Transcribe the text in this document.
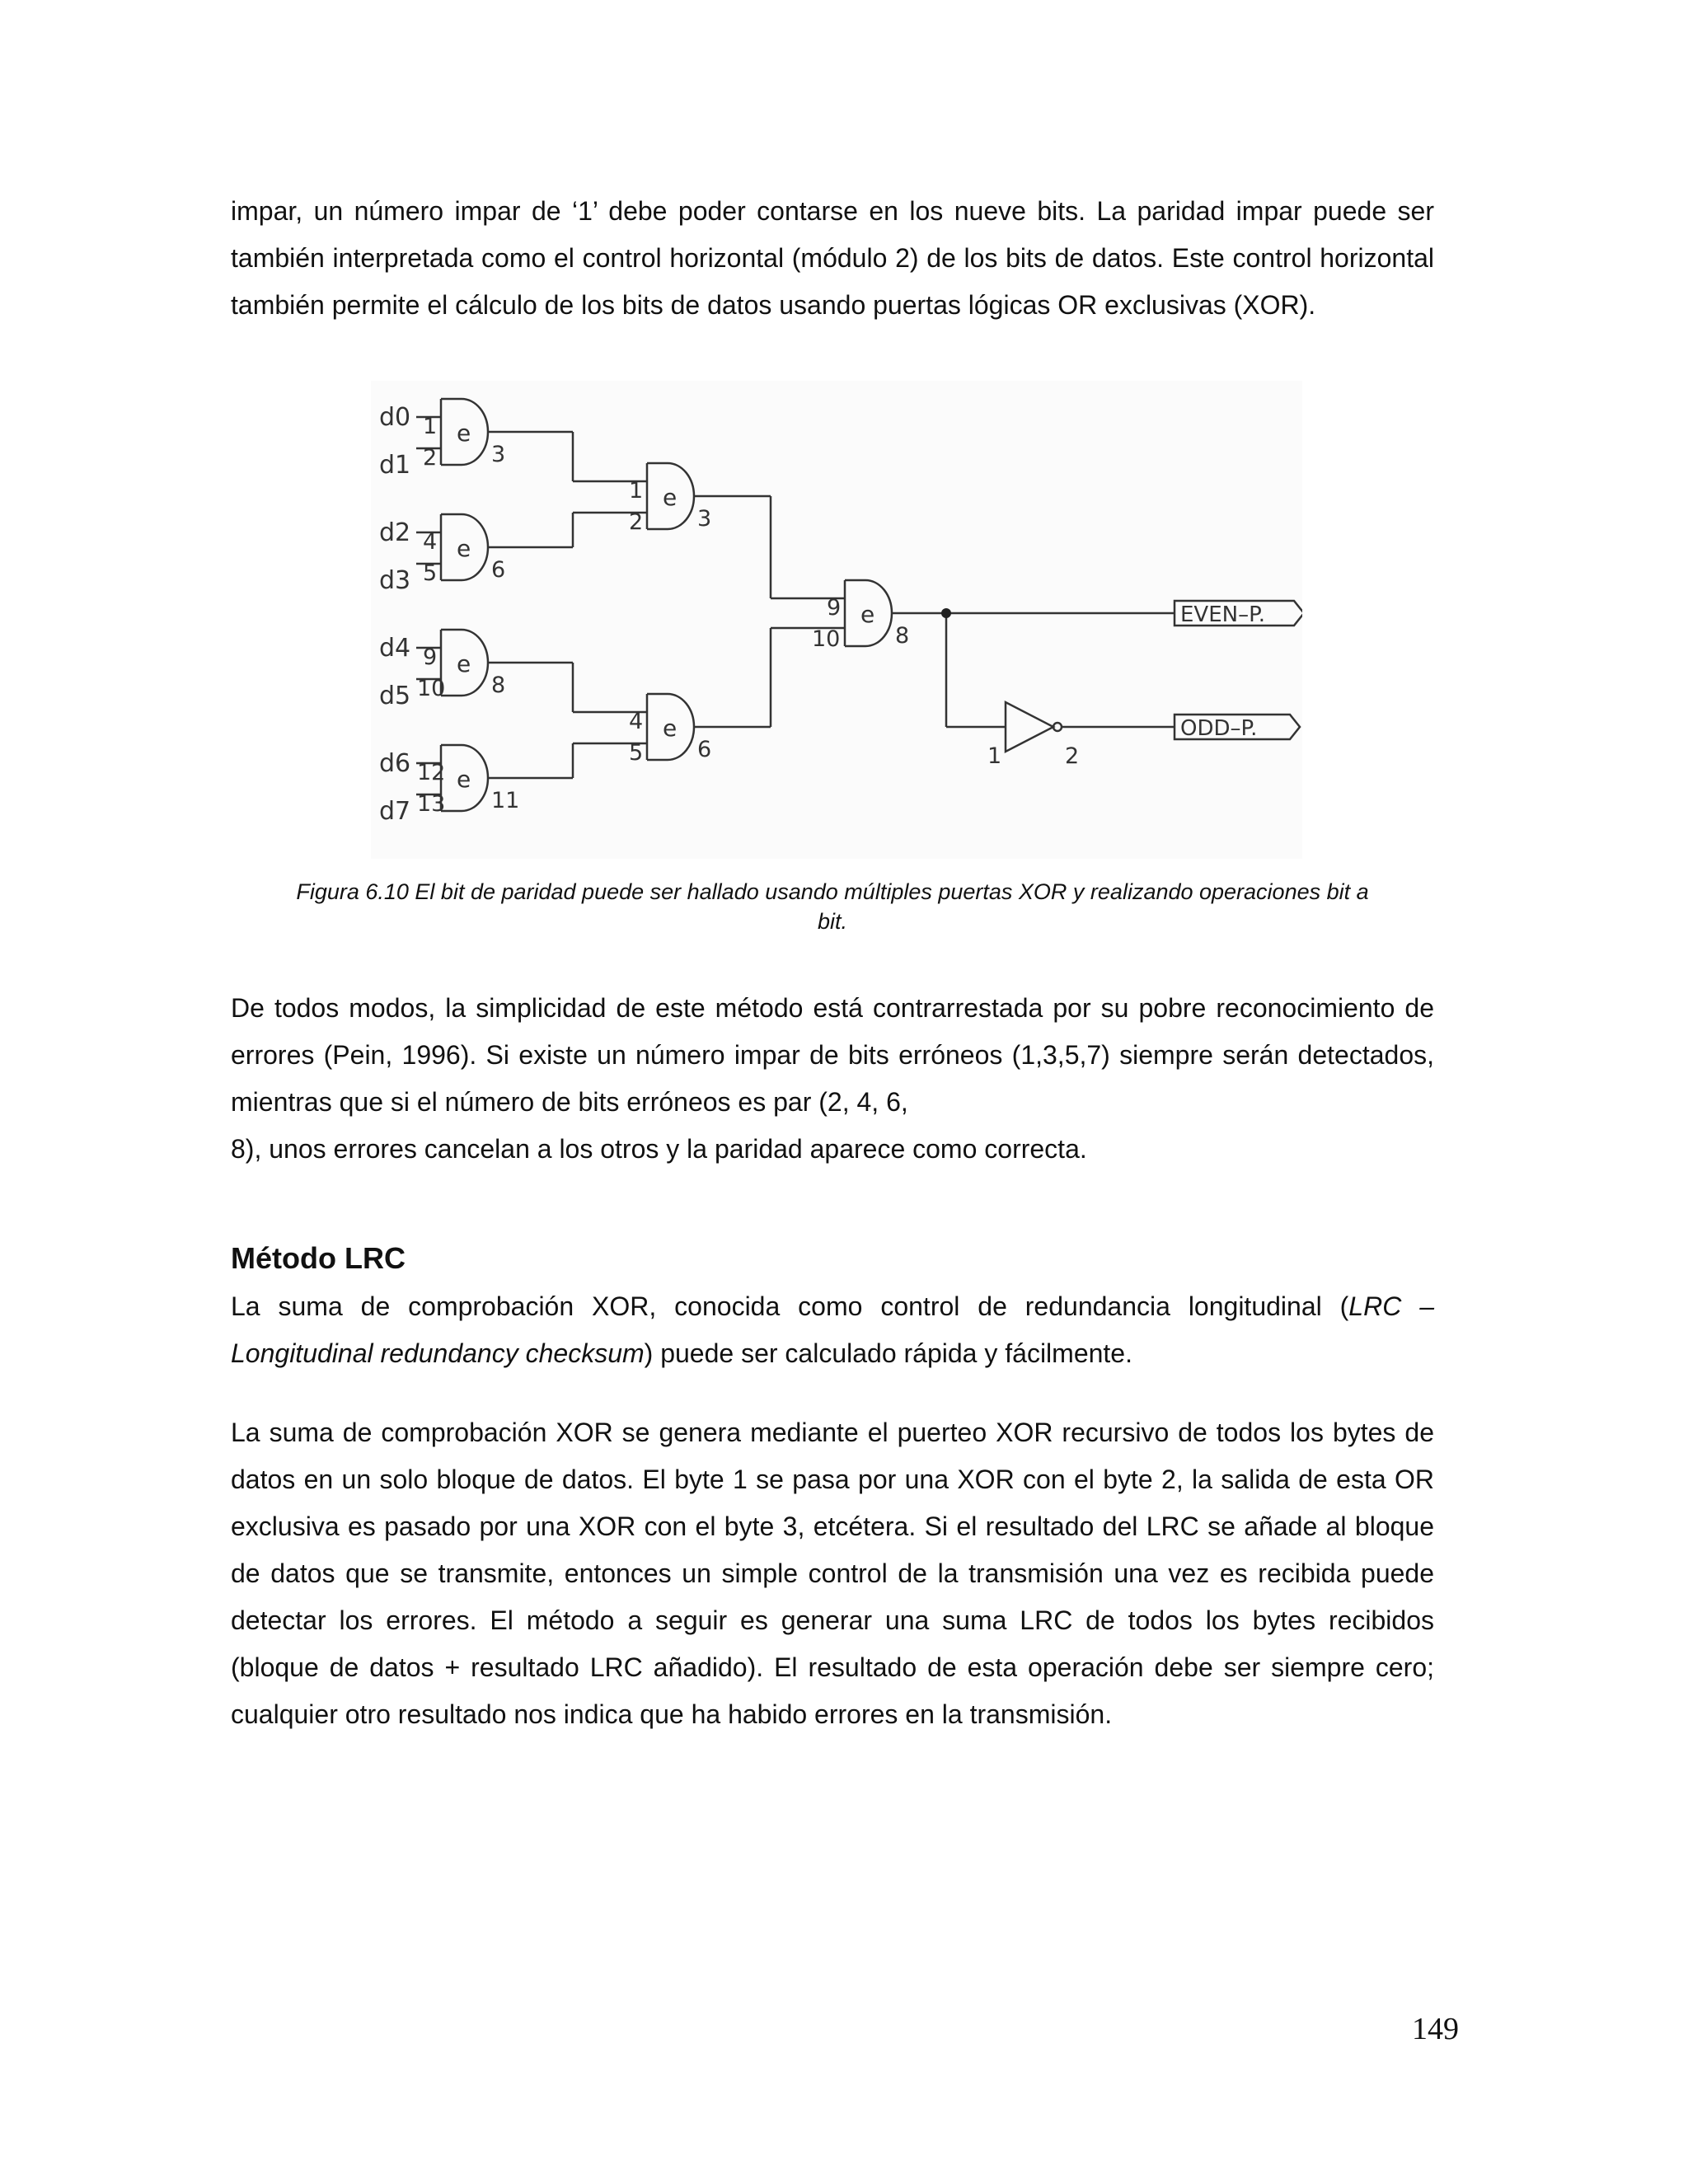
impar, un número impar de ‘1’ debe poder contarse en los nueve bits. La paridad impar puede ser también interpretada como el control horizontal (módulo 2) de los bits de datos. Este control horizontal también permite el cálculo de los bits de datos usando puertas lógicas OR exclusivas (XOR).

d0
d1
d2
d3
d4
d5
d6
d7
e
e
e
e
e
e
e
1
2 3
4
5 6
9
10 8
12
13 11
1
2 3
4
5 6
9
10 8
1	2
EVEN–P.
ODD–P.

Figura 6.10 El bit de paridad puede ser hallado usando múltiples puertas XOR y realizando operaciones bit a
bit.

De todos modos, la simplicidad de este método está contrarrestada por su pobre reconocimiento de errores (Pein, 1996). Si existe un número impar de bits erróneos (1,3,5,7) siempre serán detectados, mientras que si el número de bits erróneos es par (2, 4, 6,
8), unos errores cancelan a los otros y la paridad aparece como correcta.

Método LRC

La suma de comprobación XOR, conocida como control de redundancia longitudinal (LRC – Longitudinal redundancy checksum) puede ser calculado rápida y fácilmente.

La suma de comprobación XOR se genera mediante el puerteo XOR recursivo de todos los bytes de datos en un solo bloque de datos. El byte 1 se pasa por una XOR con el byte 2, la salida de esta OR exclusiva es pasado por una XOR con el byte 3, etcétera. Si el resultado del LRC se añade al bloque de datos que se transmite, entonces un simple control de la transmisión una vez es recibida puede detectar los errores. El método a seguir es generar una suma LRC de todos los bytes recibidos (bloque de datos + resultado LRC añadido). El resultado de esta operación debe ser siempre cero; cualquier otro resultado nos indica que ha habido errores en la transmisión.

149
